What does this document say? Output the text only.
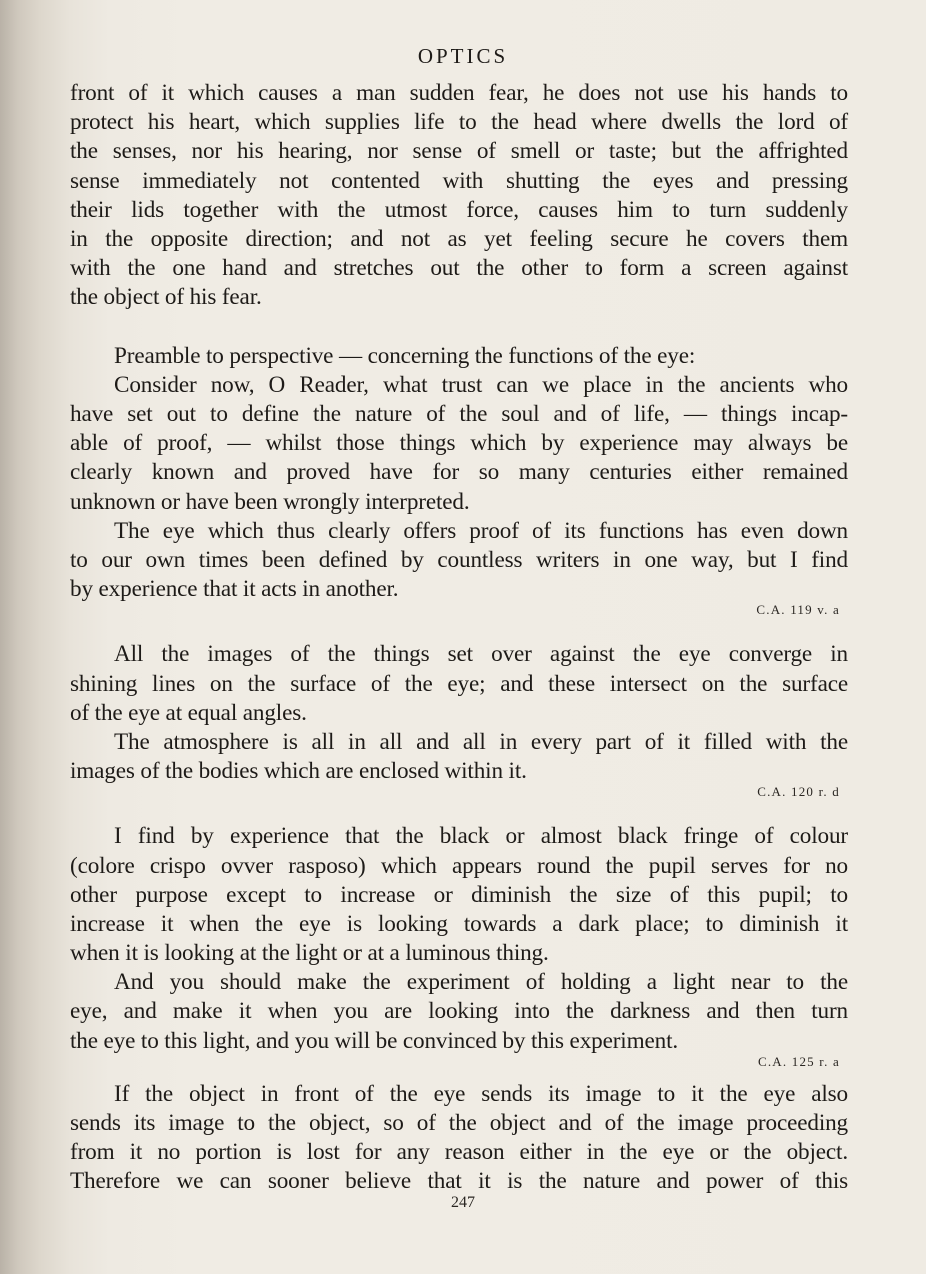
OPTICS
front of it which causes a man sudden fear, he does not use his hands to
protect his heart, which supplies life to the head where dwells the lord of
the senses, nor his hearing, nor sense of smell or taste; but the affrighted
sense immediately not contented with shutting the eyes and pressing
their lids together with the utmost force, causes him to turn suddenly
in the opposite direction; and not as yet feeling secure he covers them
with the one hand and stretches out the other to form a screen against
the object of his fear.
Preamble to perspective — concerning the functions of the eye:
Consider now, O Reader, what trust can we place in the ancients who
have set out to define the nature of the soul and of life, — things incap-
able of proof, — whilst those things which by experience may always be
clearly known and proved have for so many centuries either remained
unknown or have been wrongly interpreted.
The eye which thus clearly offers proof of its functions has even down
to our own times been defined by countless writers in one way, but I find
by experience that it acts in another.
C.A. 119 v. a
All the images of the things set over against the eye converge in
shining lines on the surface of the eye; and these intersect on the surface
of the eye at equal angles.
The atmosphere is all in all and all in every part of it filled with the
images of the bodies which are enclosed within it.
C.A. 120 r. d
I find by experience that the black or almost black fringe of colour
(colore crispo ovver rasposo) which appears round the pupil serves for no
other purpose except to increase or diminish the size of this pupil; to
increase it when the eye is looking towards a dark place; to diminish it
when it is looking at the light or at a luminous thing.
And you should make the experiment of holding a light near to the
eye, and make it when you are looking into the darkness and then turn
the eye to this light, and you will be convinced by this experiment.
C.A. 125 r. a
If the object in front of the eye sends its image to it the eye also
sends its image to the object, so of the object and of the image proceeding
from it no portion is lost for any reason either in the eye or the object.
Therefore we can sooner believe that it is the nature and power of this
247
